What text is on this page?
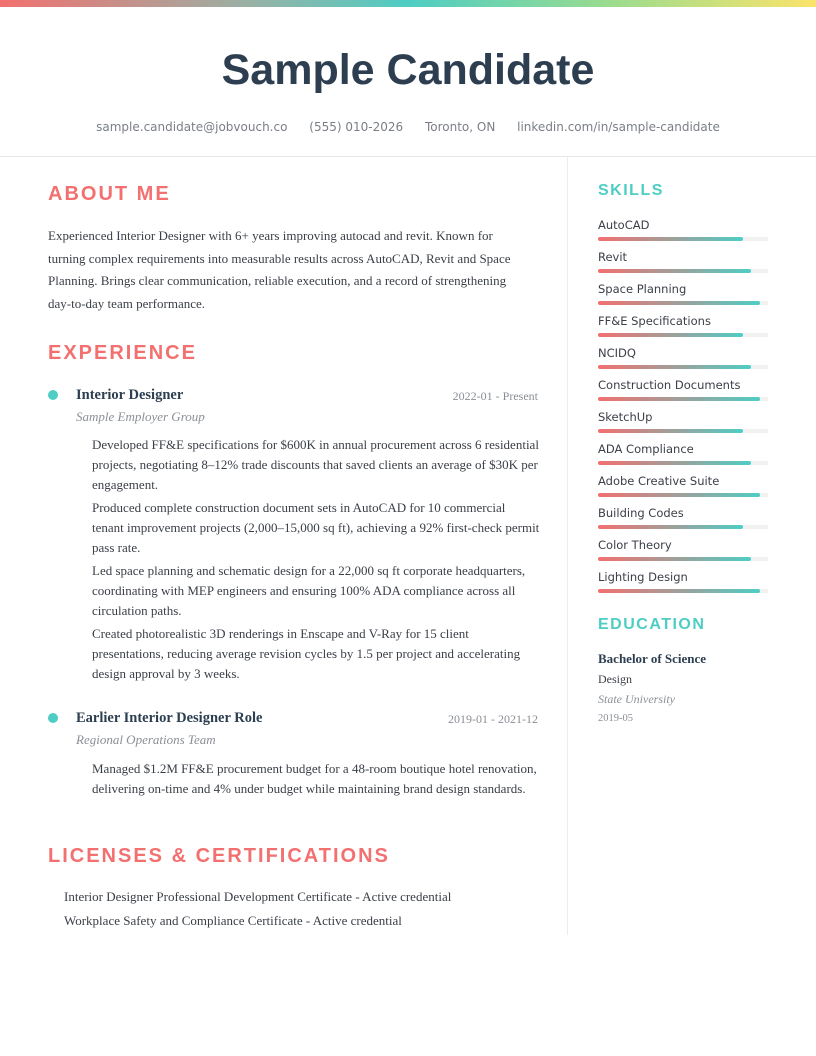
Sample Candidate
sample.candidate@jobvouch.co (555) 010-2026 Toronto, ON linkedin.com/in/sample-candidate
ABOUT ME
Experienced Interior Designer with 6+ years improving autocad and revit. Known for turning complex requirements into measurable results across AutoCAD, Revit and Space Planning. Brings clear communication, reliable execution, and a record of strengthening day-to-day team performance.
EXPERIENCE
Interior Designer	2022-01 - Present
Sample Employer Group
Developed FF&E specifications for $600K in annual procurement across 6 residential projects, negotiating 8–12% trade discounts that saved clients an average of $30K per engagement.
Produced complete construction document sets in AutoCAD for 10 commercial tenant improvement projects (2,000–15,000 sq ft), achieving a 92% first-check permit pass rate.
Led space planning and schematic design for a 22,000 sq ft corporate headquarters, coordinating with MEP engineers and ensuring 100% ADA compliance across all circulation paths.
Created photorealistic 3D renderings in Enscape and V-Ray for 15 client presentations, reducing average revision cycles by 1.5 per project and accelerating design approval by 3 weeks.
Earlier Interior Designer Role	2019-01 - 2021-12
Regional Operations Team
Managed $1.2M FF&E procurement budget for a 48-room boutique hotel renovation, delivering on-time and 4% under budget while maintaining brand design standards.
LICENSES & CERTIFICATIONS
Interior Designer Professional Development Certificate - Active credential
Workplace Safety and Compliance Certificate - Active credential
SKILLS
AutoCAD
Revit
Space Planning
FF&E Specifications
NCIDQ
Construction Documents
SketchUp
ADA Compliance
Adobe Creative Suite
Building Codes
Color Theory
Lighting Design
EDUCATION
Bachelor of Science
Design
State University
2019-05
